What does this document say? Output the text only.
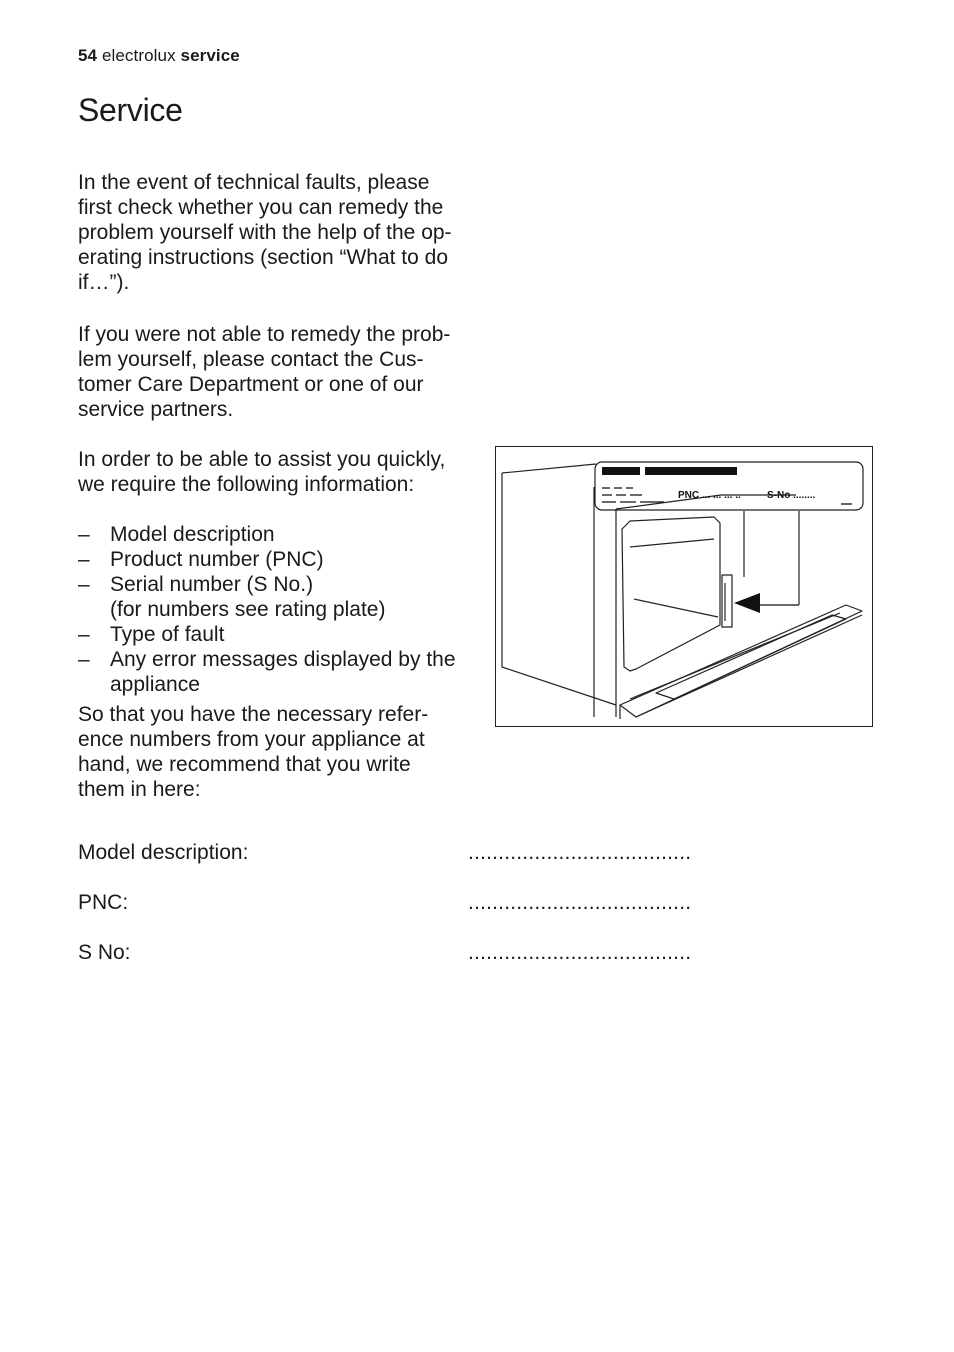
54 electrolux service
Service

In the event of technical faults, please
first check whether you can remedy the
problem yourself with the help of the op-
erating instructions (section “What to do
if…”).

If you were not able to remedy the prob-
lem yourself, please contact the Cus-
tomer Care Department or one of our
service partners.

In order to be able to assist you quickly,
we require the following information:

– Model description
– Product number (PNC)
– Serial number (S No.)
(for numbers see rating plate)
– Type of fault
– Any error messages displayed by the
appliance

So that you have the necessary refer-
ence numbers from your appliance at
hand, we recommend that you write
them in here:

PNC ... ... ... ..	S-No ........
Model description:	.....................................
PNC:	.....................................
S No:	.....................................
